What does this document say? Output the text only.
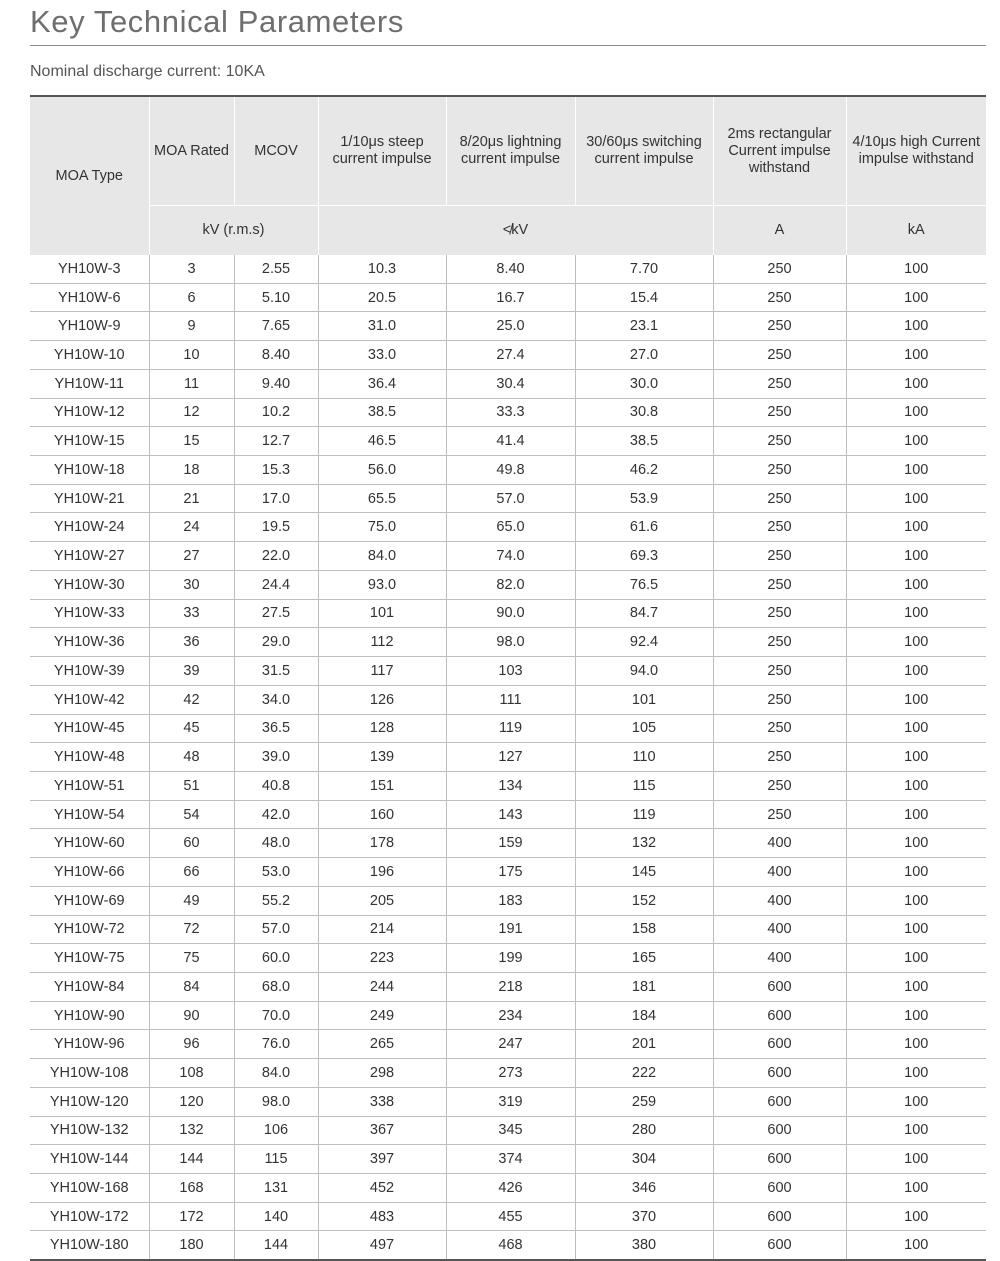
Key Technical Parameters
Nominal discharge current: 10KA
MOA Type	MOA Rated	MCOV	1/10μs steep current impulse	8/20μs lightning current impulse	30/60μs switching current impulse	2ms rectangular Current impulse withstand	4/10μs high Current impulse withstand
	kV (r.m.s)		≮kV			A	kA
YH10W-3	3	2.55	10.3	8.40	7.70	250	100
YH10W-6	6	5.10	20.5	16.7	15.4	250	100
YH10W-9	9	7.65	31.0	25.0	23.1	250	100
YH10W-10	10	8.40	33.0	27.4	27.0	250	100
YH10W-11	11	9.40	36.4	30.4	30.0	250	100
YH10W-12	12	10.2	38.5	33.3	30.8	250	100
YH10W-15	15	12.7	46.5	41.4	38.5	250	100
YH10W-18	18	15.3	56.0	49.8	46.2	250	100
YH10W-21	21	17.0	65.5	57.0	53.9	250	100
YH10W-24	24	19.5	75.0	65.0	61.6	250	100
YH10W-27	27	22.0	84.0	74.0	69.3	250	100
YH10W-30	30	24.4	93.0	82.0	76.5	250	100
YH10W-33	33	27.5	101	90.0	84.7	250	100
YH10W-36	36	29.0	112	98.0	92.4	250	100
YH10W-39	39	31.5	117	103	94.0	250	100
YH10W-42	42	34.0	126	111	101	250	100
YH10W-45	45	36.5	128	119	105	250	100
YH10W-48	48	39.0	139	127	110	250	100
YH10W-51	51	40.8	151	134	115	250	100
YH10W-54	54	42.0	160	143	119	250	100
YH10W-60	60	48.0	178	159	132	400	100
YH10W-66	66	53.0	196	175	145	400	100
YH10W-69	49	55.2	205	183	152	400	100
YH10W-72	72	57.0	214	191	158	400	100
YH10W-75	75	60.0	223	199	165	400	100
YH10W-84	84	68.0	244	218	181	600	100
YH10W-90	90	70.0	249	234	184	600	100
YH10W-96	96	76.0	265	247	201	600	100
YH10W-108	108	84.0	298	273	222	600	100
YH10W-120	120	98.0	338	319	259	600	100
YH10W-132	132	106	367	345	280	600	100
YH10W-144	144	115	397	374	304	600	100
YH10W-168	168	131	452	426	346	600	100
YH10W-172	172	140	483	455	370	600	100
YH10W-180	180	144	497	468	380	600	100
